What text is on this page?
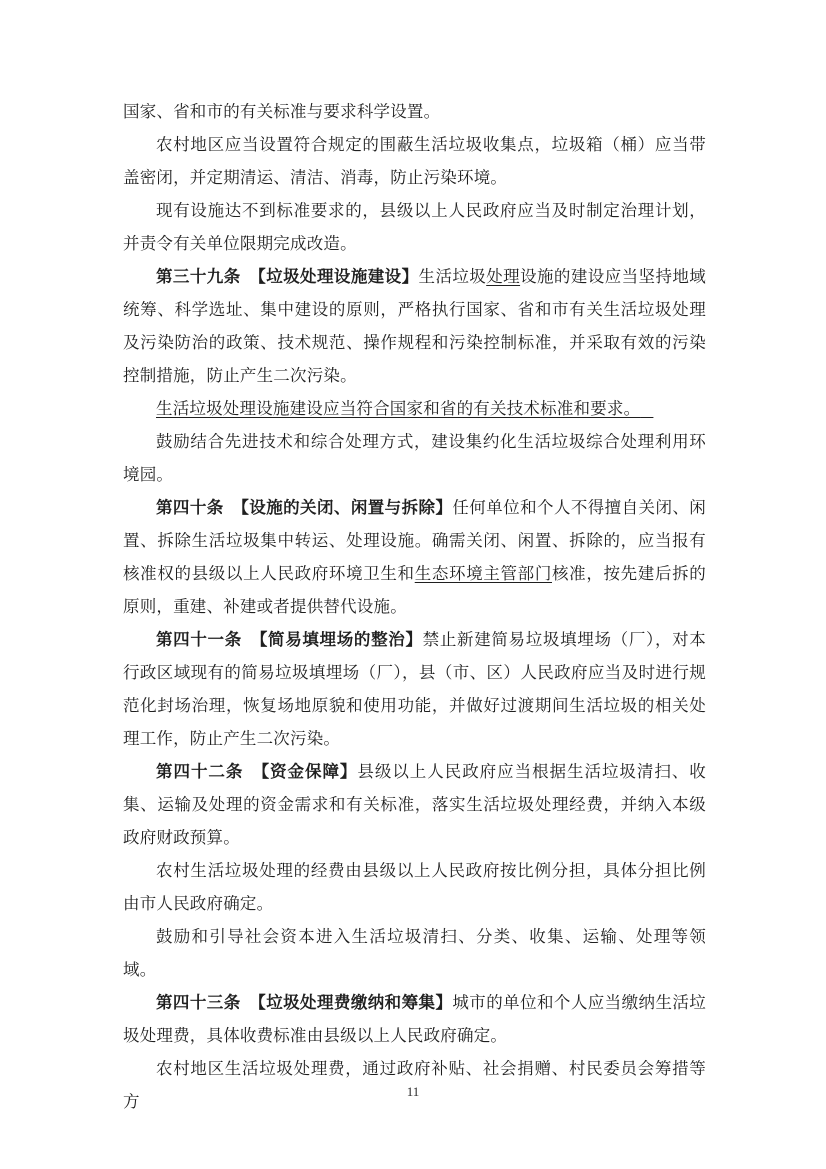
国家、省和市的有关标准与要求科学设置。

农村地区应当设置符合规定的围蔽生活垃圾收集点，垃圾箱（桶）应当带盖密闭，并定期清运、清洁、消毒，防止污染环境。

现有设施达不到标准要求的，县级以上人民政府应当及时制定治理计划，并责令有关单位限期完成改造。

第三十九条　【垃圾处理设施建设】生活垃圾处理设施的建设应当坚持地域统筹、科学选址、集中建设的原则，严格执行国家、省和市有关生活垃圾处理及污染防治的政策、技术规范、操作规程和污染控制标准，并采取有效的污染控制措施，防止产生二次污染。

生活垃圾处理设施建设应当符合国家和省的有关技术标准和要求。

鼓励结合先进技术和综合处理方式，建设集约化生活垃圾综合处理利用环境园。

第四十条　【设施的关闭、闲置与拆除】任何单位和个人不得擅自关闭、闲置、拆除生活垃圾集中转运、处理设施。确需关闭、闲置、拆除的，应当报有核准权的县级以上人民政府环境卫生和生态环境主管部门核准，按先建后拆的原则，重建、补建或者提供替代设施。

第四十一条　【简易填埋场的整治】禁止新建简易垃圾填埋场（厂），对本行政区域现有的简易垃圾填埋场（厂），县（市、区）人民政府应当及时进行规范化封场治理，恢复场地原貌和使用功能，并做好过渡期间生活垃圾的相关处理工作，防止产生二次污染。

第四十二条　【资金保障】县级以上人民政府应当根据生活垃圾清扫、收集、运输及处理的资金需求和有关标准，落实生活垃圾处理经费，并纳入本级政府财政预算。

农村生活垃圾处理的经费由县级以上人民政府按比例分担，具体分担比例由市人民政府确定。

鼓励和引导社会资本进入生活垃圾清扫、分类、收集、运输、处理等领域。

第四十三条　【垃圾处理费缴纳和筹集】城市的单位和个人应当缴纳生活垃圾处理费，具体收费标准由县级以上人民政府确定。

农村地区生活垃圾处理费，通过政府补贴、社会捐赠、村民委员会筹措等方

11
